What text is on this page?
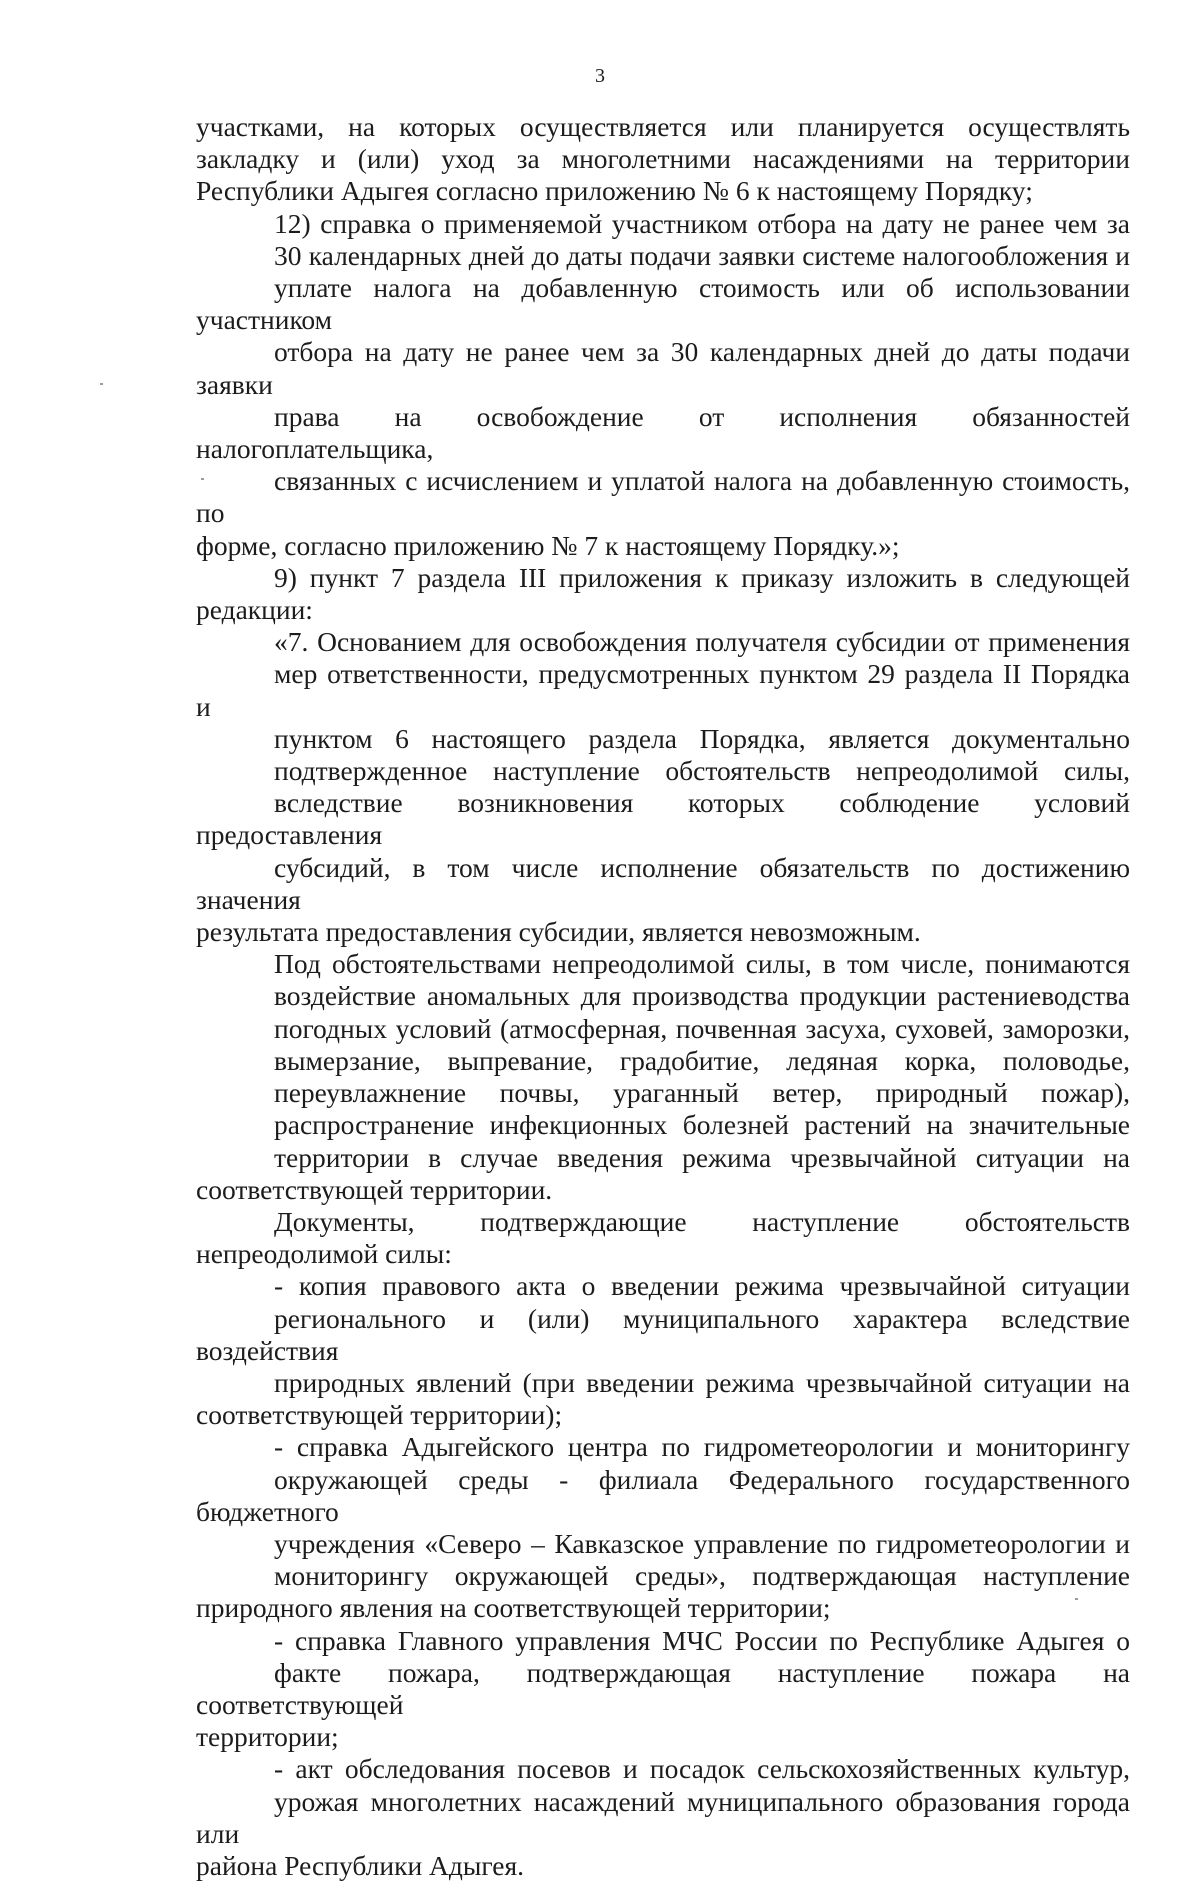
3

участками, на которых осуществляется или планируется осуществлять
закладку и (или) уход за многолетними насаждениями на территории
Республики Адыгея согласно приложению № 6 к настоящему Порядку;

12) справка о применяемой участником отбора на дату не ранее чем за
30 календарных дней до даты подачи заявки системе налогообложения и
уплате налога на добавленную стоимость или об использовании участником
отбора на дату не ранее чем за 30 календарных дней до даты подачи заявки
права на освобождение от исполнения обязанностей налогоплательщика,
связанных с исчислением и уплатой налога на добавленную стоимость, по
форме, согласно приложению № 7 к настоящему Порядку.»;

9) пункт 7 раздела III приложения к приказу изложить в следующей
редакции:

«7. Основанием для освобождения получателя субсидии от применения
мер ответственности, предусмотренных пунктом 29 раздела II Порядка и
пунктом 6 настоящего раздела Порядка, является документально
подтвержденное наступление обстоятельств непреодолимой силы,
вследствие возникновения которых соблюдение условий предоставления
субсидий, в том числе исполнение обязательств по достижению значения
результата предоставления субсидии, является невозможным.

Под обстоятельствами непреодолимой силы, в том числе, понимаются
воздействие аномальных для производства продукции растениеводства
погодных условий (атмосферная, почвенная засуха, суховей, заморозки,
вымерзание, выпревание, градобитие, ледяная корка, половодье,
переувлажнение почвы, ураганный ветер, природный пожар),
распространение инфекционных болезней растений на значительные
территории в случае введения режима чрезвычайной ситуации на
соответствующей территории.

Документы, подтверждающие наступление обстоятельств
непреодолимой силы:

- копия правового акта о введении режима чрезвычайной ситуации
регионального и (или) муниципального характера вследствие воздействия
природных явлений (при введении режима чрезвычайной ситуации на
соответствующей территории);

- справка Адыгейского центра по гидрометеорологии и мониторингу
окружающей среды - филиала Федерального государственного бюджетного
учреждения «Северо – Кавказское управление по гидрометеорологии и
мониторингу окружающей среды», подтверждающая наступление
природного явления на соответствующей территории;

- справка Главного управления МЧС России по Республике Адыгея о
факте пожара, подтверждающая наступление пожара на соответствующей
территории;

- акт обследования посевов и посадок сельскохозяйственных культур,
урожая многолетних насаждений муниципального образования города или
района Республики Адыгея.
